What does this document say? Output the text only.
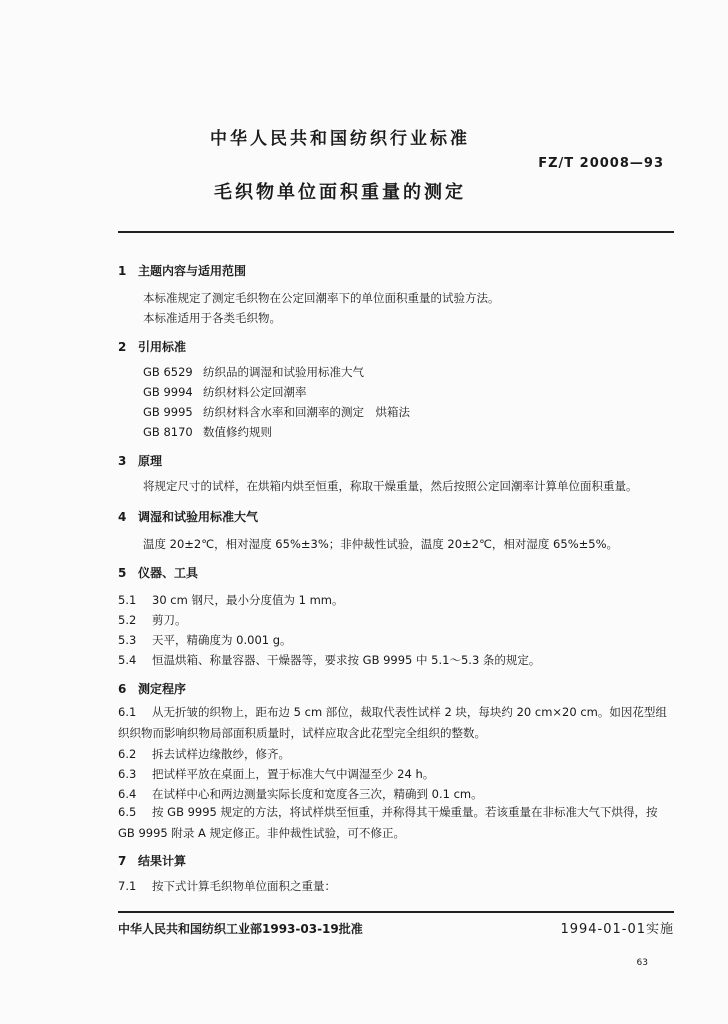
中华人民共和国纺织行业标准
FZ/T 20008—93
毛织物单位面积重量的测定
1 主题内容与适用范围
本标准规定了测定毛织物在公定回潮率下的单位面积重量的试验方法。
本标准适用于各类毛织物。
2 引用标准
GB 6529 纺织品的调湿和试验用标准大气
GB 9994 纺织材料公定回潮率
GB 9995 纺织材料含水率和回潮率的测定　烘箱法
GB 8170 数值修约规则
3 原理
将规定尺寸的试样，在烘箱内烘至恒重，称取干燥重量，然后按照公定回潮率计算单位面积重量。
4 调湿和试验用标准大气
温度 20±2℃，相对湿度 65%±3%；非仲裁性试验，温度 20±2℃，相对湿度 65%±5%。
5 仪器、工具
5.1 30 cm 钢尺，最小分度值为 1 mm。
5.2 剪刀。
5.3 天平，精确度为 0.001 g。
5.4 恒温烘箱、称量容器、干燥器等，要求按 GB 9995 中 5.1～5.3 条的规定。
6 测定程序
6.1 从无折皱的织物上，距布边 5 cm 部位，裁取代表性试样 2 块，每块约 20 cm×20 cm。如因花型组织织物而影响织物局部面积质量时，试样应取含此花型完全组织的整数。
6.2 拆去试样边缘散纱，修齐。
6.3 把试样平放在桌面上，置于标准大气中调湿至少 24 h。
6.4 在试样中心和两边测量实际长度和宽度各三次，精确到 0.1 cm。
6.5 按 GB 9995 规定的方法，将试样烘至恒重，并称得其干燥重量。若该重量在非标准大气下烘得，按 GB 9995 附录 A 规定修正。非仲裁性试验，可不修正。
7 结果计算
7.1 按下式计算毛织物单位面积之重量：
中华人民共和国纺织工业部1993-03-19批准	1994-01-01实施
63
